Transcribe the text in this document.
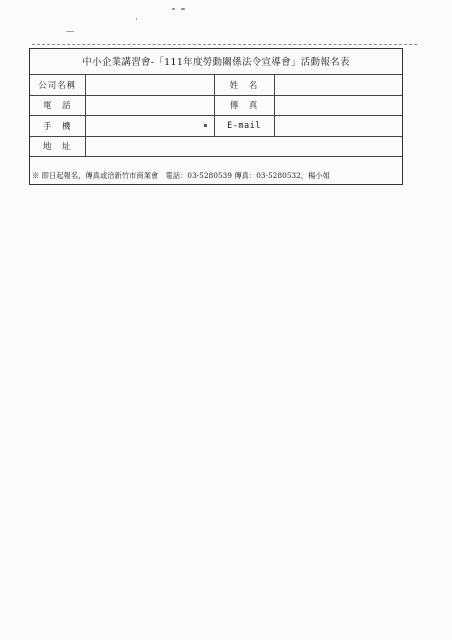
中小企業講習會-「111年度勞動關係法令宣導會」活動報名表
公司名稱		姓　名	
電　話		傳　真	
手　機	▪	E-mail	
地　址			
※ 即日起報名，傳真或洽新竹市商業會　電話：03-5280539 傳真：03-5280532，楊小姐
